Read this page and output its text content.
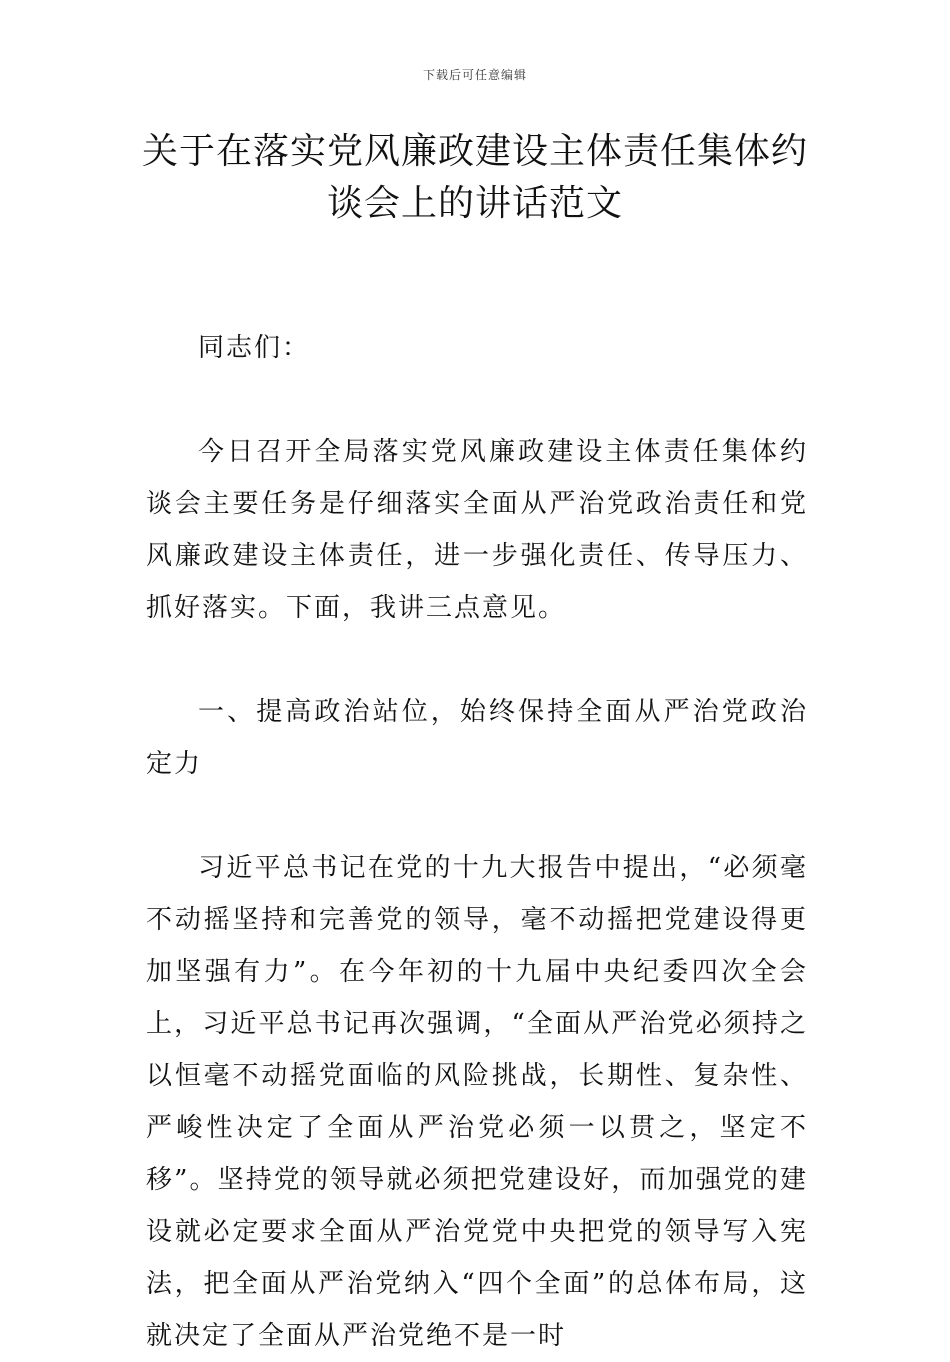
下载后可任意编辑
关于在落实党风廉政建设主体责任集体约谈会上的讲话范文

同志们：

今日召开全局落实党风廉政建设主体责任集体约谈会主要任务是仔细落实全面从严治党政治责任和党风廉政建设主体责任，进一步强化责任、传导压力、抓好落实。下面，我讲三点意见。

一、提高政治站位，始终保持全面从严治党政治定力

习近平总书记在党的十九大报告中提出，“必须毫不动摇坚持和完善党的领导，毫不动摇把党建设得更加坚强有力”。在今年初的十九届中央纪委四次全会上，习近平总书记再次强调，“全面从严治党必须持之以恒毫不动摇党面临的风险挑战，长期性、复杂性、严峻性决定了全面从严治党必须一以贯之，坚定不移”。坚持党的领导就必须把党建设好，而加强党的建设就必定要求全面从严治党党中央把党的领导写入宪法，把全面从严治党纳入“四个全面”的总体布局，这就决定了全面从严治党绝不是一时
